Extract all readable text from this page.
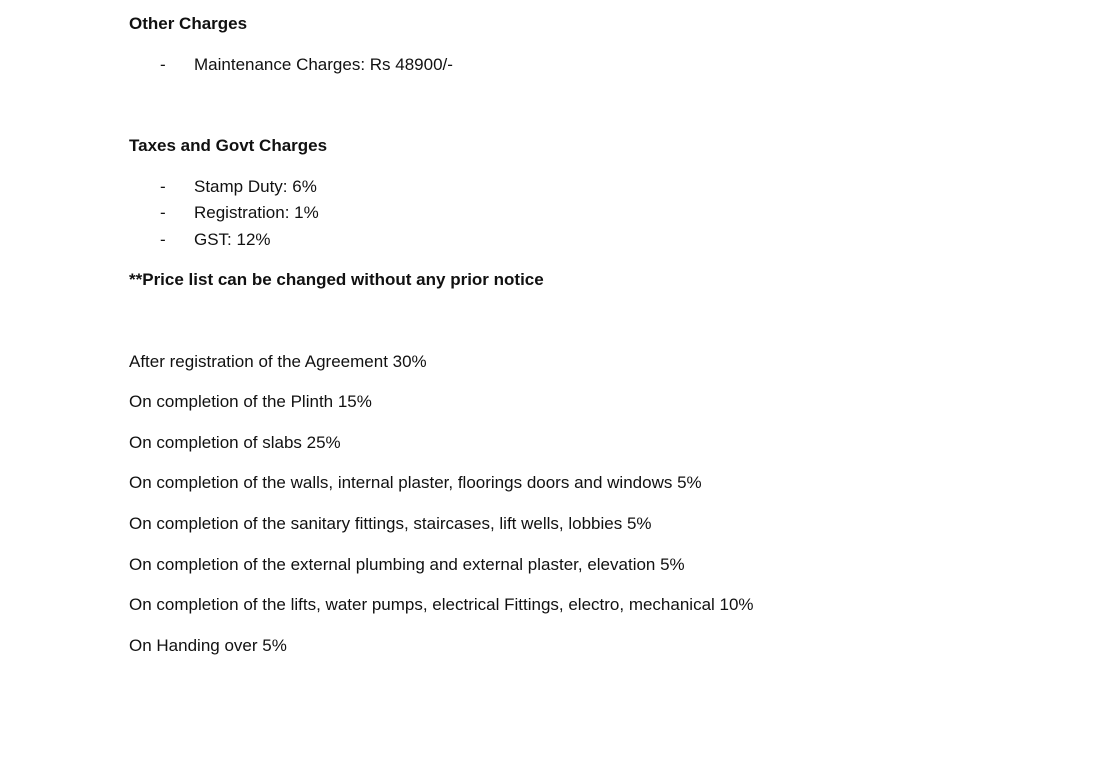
Other Charges
- Maintenance Charges: Rs 48900/-
Taxes and Govt Charges
- Stamp Duty: 6%
- Registration: 1%
- GST: 12%
**Price list can be changed without any prior notice
After registration of the Agreement 30%
On completion of the Plinth 15%
On completion of slabs 25%
On completion of the walls, internal plaster, floorings doors and windows 5%
On completion of the sanitary fittings, staircases, lift wells, lobbies 5%
On completion of the external plumbing and external plaster, elevation 5%
On completion of the lifts, water pumps, electrical Fittings, electro, mechanical 10%
On Handing over 5%
